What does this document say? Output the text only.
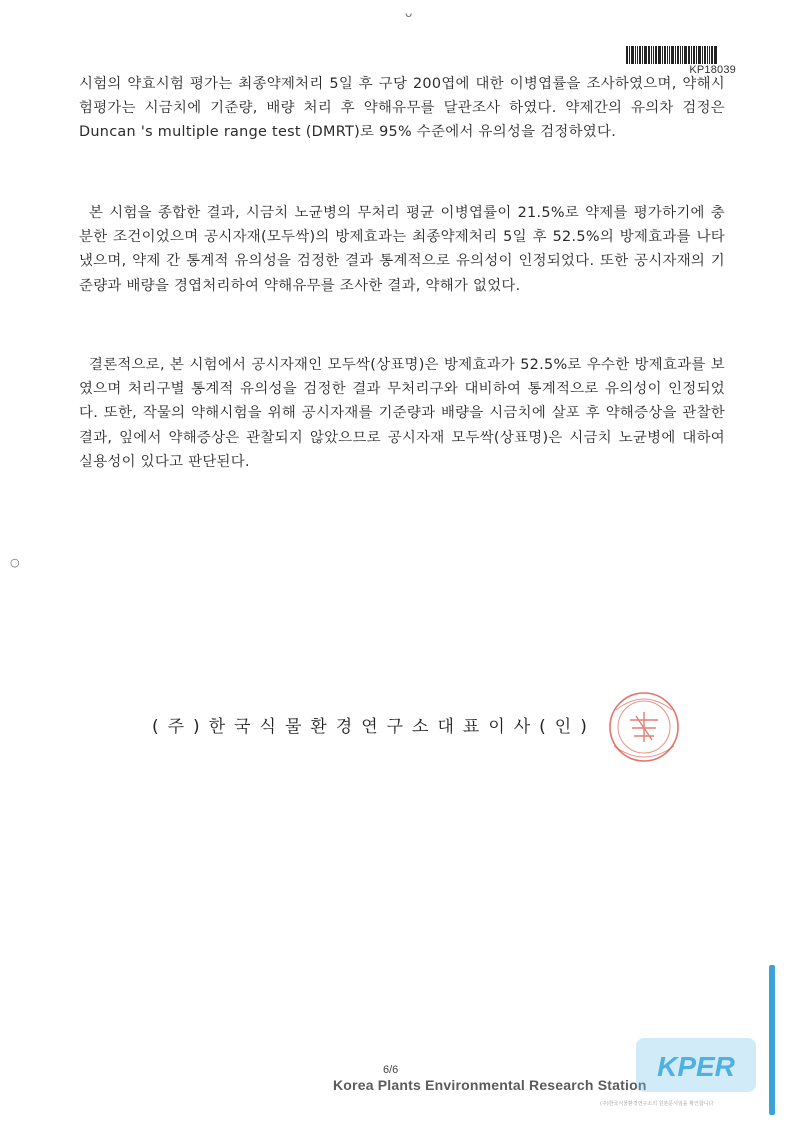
ᴗ
KP18039

시험의 약효시험 평가는 최종약제처리 5일 후 구당 200엽에 대한 이병엽률을 조사하였으며, 약해시험평가는 시금치에 기준량, 배량 처리 후 약해유무를 달관조사 하였다. 약제간의 유의차 검정은 Duncan 's multiple range test (DMRT)로 95% 수준에서 유의성을 검정하였다.

본 시험을 종합한 결과, 시금치 노균병의 무처리 평균 이병엽률이 21.5%로 약제를 평가하기에 충분한 조건이었으며 공시자재(모두싹)의 방제효과는 최종약제처리 5일 후 52.5%의 방제효과를 나타냈으며, 약제 간 통계적 유의성을 검정한 결과 통계적으로 유의성이 인정되었다. 또한 공시자재의 기준량과 배량을 경엽처리하여 약해유무를 조사한 결과, 약해가 없었다.

결론적으로, 본 시험에서 공시자재인 모두싹(상표명)은 방제효과가 52.5%로 우수한 방제효과를 보였으며 처리구별 통계적 유의성을 검정한 결과 무처리구와 대비하여 통계적으로 유의성이 인정되었다. 또한, 작물의 약해시험을 위해 공시자재를 기준량과 배량을 시금치에 살포 후 약해증상을 관찰한 결과, 잎에서 약해증상은 관찰되지 않았으므로 공시자재 모두싹(상표명)은 시금치 노균병에 대하여 실용성이 있다고 판단된다.

○
(주)한국식물환경연구소대표이사(인)
6/6
Korea Plants Environmental Research Station
KPER
(주)한국식물환경연구소의 원본문서임을 확인합니다
